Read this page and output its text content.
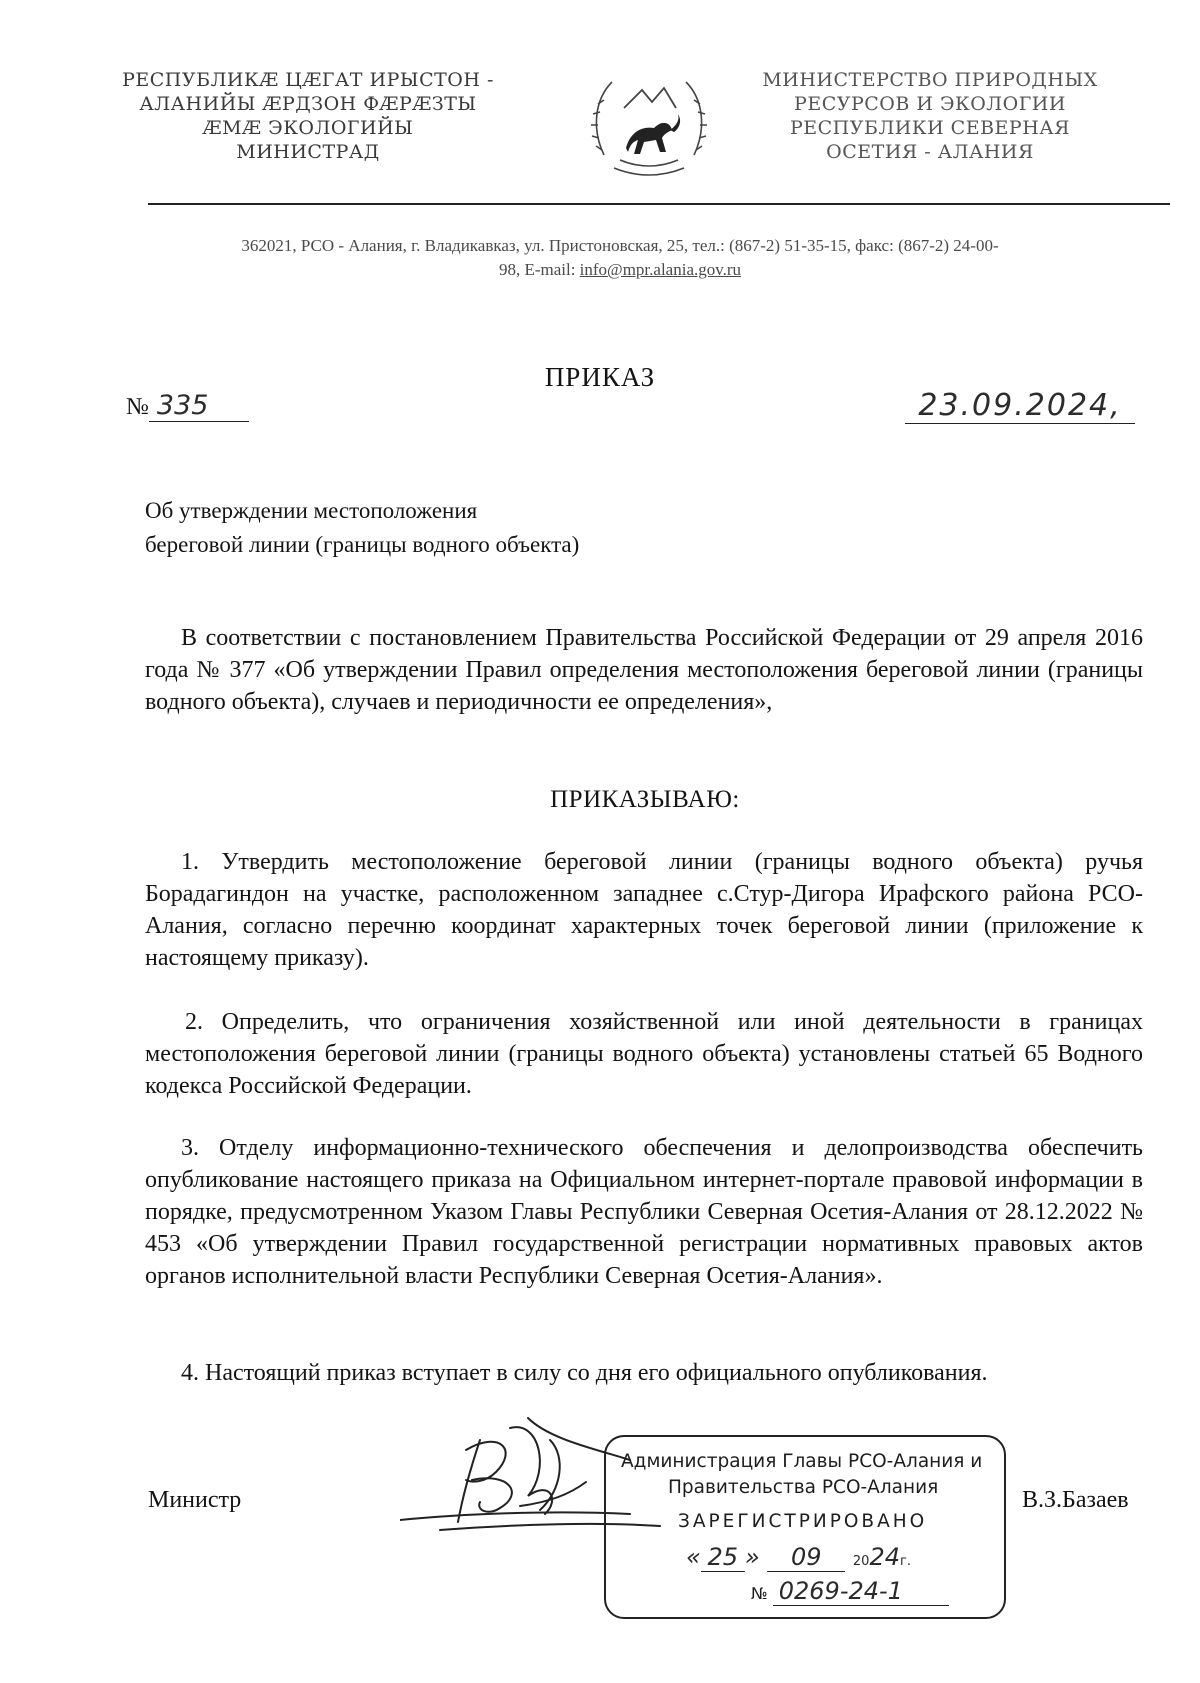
РЕСПУБЛИКӔ ЦӔГАТ ИРЫСТОН -
АЛАНИЙЫ ӔРДЗОН ФӔРӔЗТЫ
ӔМӔ ЭКОЛОГИЙЫ
МИНИСТРАД
МИНИСТЕРСТВО ПРИРОДНЫХ
РЕСУРСОВ И ЭКОЛОГИИ
РЕСПУБЛИКИ СЕВЕРНАЯ
ОСЕТИЯ - АЛАНИЯ
362021, РСО - Алания, г. Владикавказ, ул. Пристоновская, 25, тел.: (867-2) 51-35-15, факс: (867-2) 24-00-
98, E-mail: info@mpr.alania.gov.ru
ПРИКАЗ
№ 335	23.09.2024,
Об утверждении местоположения
береговой линии (границы водного объекта)
В соответствии с постановлением Правительства Российской Федерации от 29 апреля 2016 года № 377 «Об утверждении Правил определения местоположения береговой линии (границы водного объекта), случаев и периодичности ее определения»,
ПРИКАЗЫВАЮ:
1. Утвердить местоположение береговой линии (границы водного объекта) ручья Борадагиндон на участке, расположенном западнее с.Стур-Дигора Ирафского района РСО-Алания, согласно перечню координат характерных точек береговой линии (приложение к настоящему приказу).
2. Определить, что ограничения хозяйственной или иной деятельности в границах местоположения береговой линии (границы водного объекта) установлены статьей 65 Водного кодекса Российской Федерации.
3. Отделу информационно-технического обеспечения и делопроизводства обеспечить опубликование настоящего приказа на Официальном интернет-портале правовой информации в порядке, предусмотренном Указом Главы Республики Северная Осетия-Алания от 28.12.2022 № 453 «Об утверждении Правил государственной регистрации нормативных правовых актов органов исполнительной власти Республики Северная Осетия-Алания».
4. Настоящий приказ вступает в силу со дня его официального опубликования.
Министр
Администрация Главы РСО-Алания и
Правительства РСО-Алания
ЗАРЕГИСТРИРОВАНО
« 25 » 09 2024г.
№ 0269-24-1
В.З.Базаев
